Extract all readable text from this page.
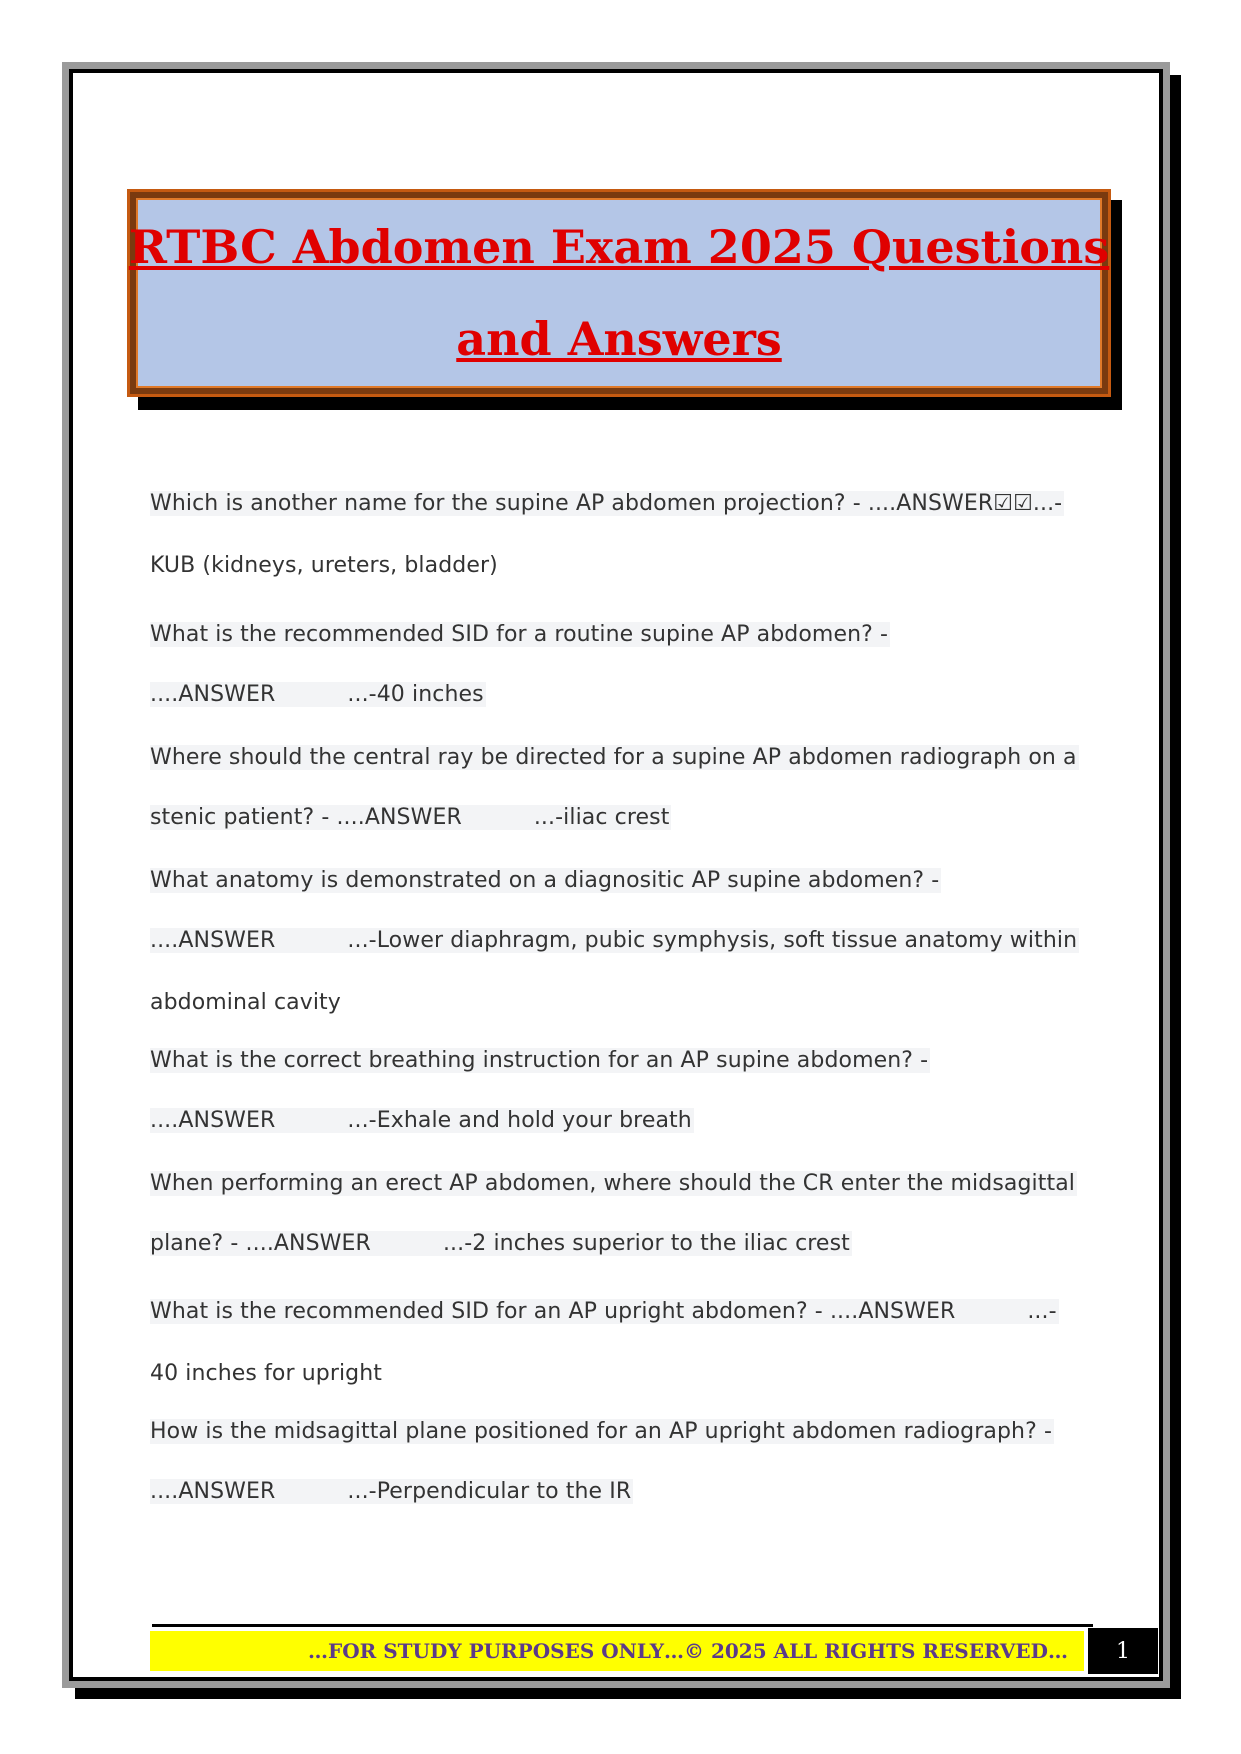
RTBC Abdomen Exam 2025 Questions
and Answers
Which is another name for the supine AP abdomen projection? - ....ANSWER☑☑...-
KUB (kidneys, ureters, bladder)
What is the recommended SID for a routine supine AP abdomen? -
....ANSWER	...-40 inches
Where should the central ray be directed for a supine AP abdomen radiograph on a
stenic patient? - ....ANSWER	...-iliac crest
What anatomy is demonstrated on a diagnositic AP supine abdomen? -
....ANSWER	...-Lower diaphragm, pubic symphysis, soft tissue anatomy within
abdominal cavity
What is the correct breathing instruction for an AP supine abdomen? -
....ANSWER	...-Exhale and hold your breath
When performing an erect AP abdomen, where should the CR enter the midsagittal
plane? - ....ANSWER	...-2 inches superior to the iliac crest
What is the recommended SID for an AP upright abdomen? - ....ANSWER	...-
40 inches for upright
How is the midsagittal plane positioned for an AP upright abdomen radiograph? -
....ANSWER	...-Perpendicular to the IR
…FOR STUDY PURPOSES ONLY…© 2025 ALL RIGHTS RESERVED…	1
